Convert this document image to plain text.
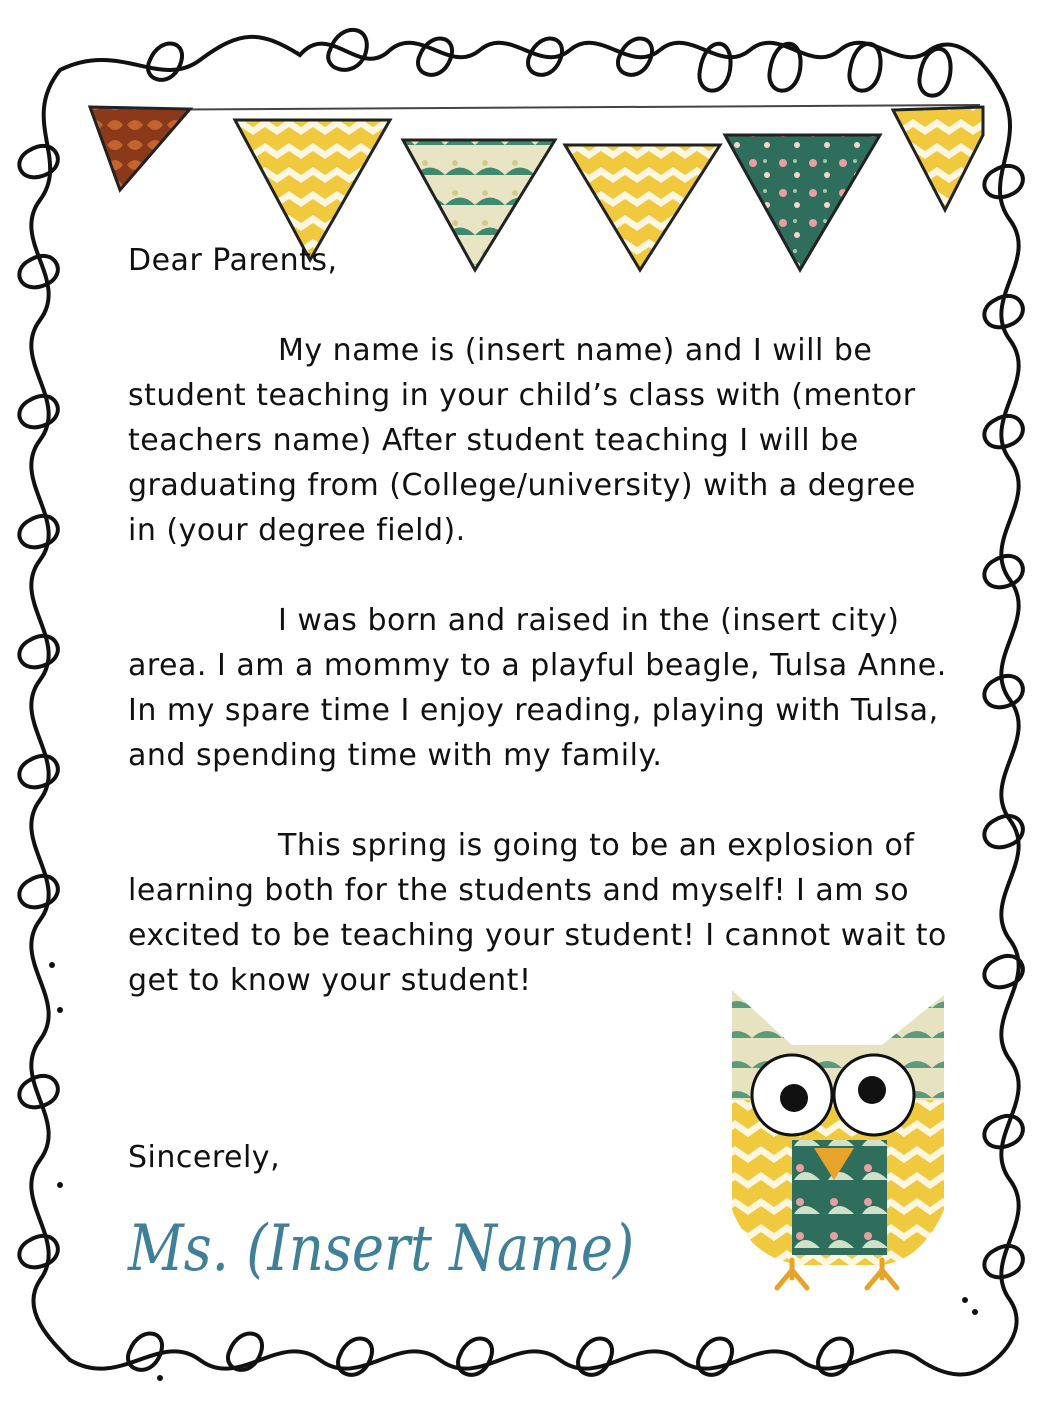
Dear Parents,

My name is (insert name) and I will be student teaching in your child’s class with (mentor teachers name) After student teaching I will be graduating from (College/university) with a degree in (your degree field).

I was born and raised in the (insert city) area. I am a mommy to a playful beagle, Tulsa Anne. In my spare time I enjoy reading, playing with Tulsa, and spending time with my family.

This spring is going to be an explosion of learning both for the students and myself! I am so excited to be teaching your student! I cannot wait to get to know your student!

Sincerely,
Ms. (Insert Name)
